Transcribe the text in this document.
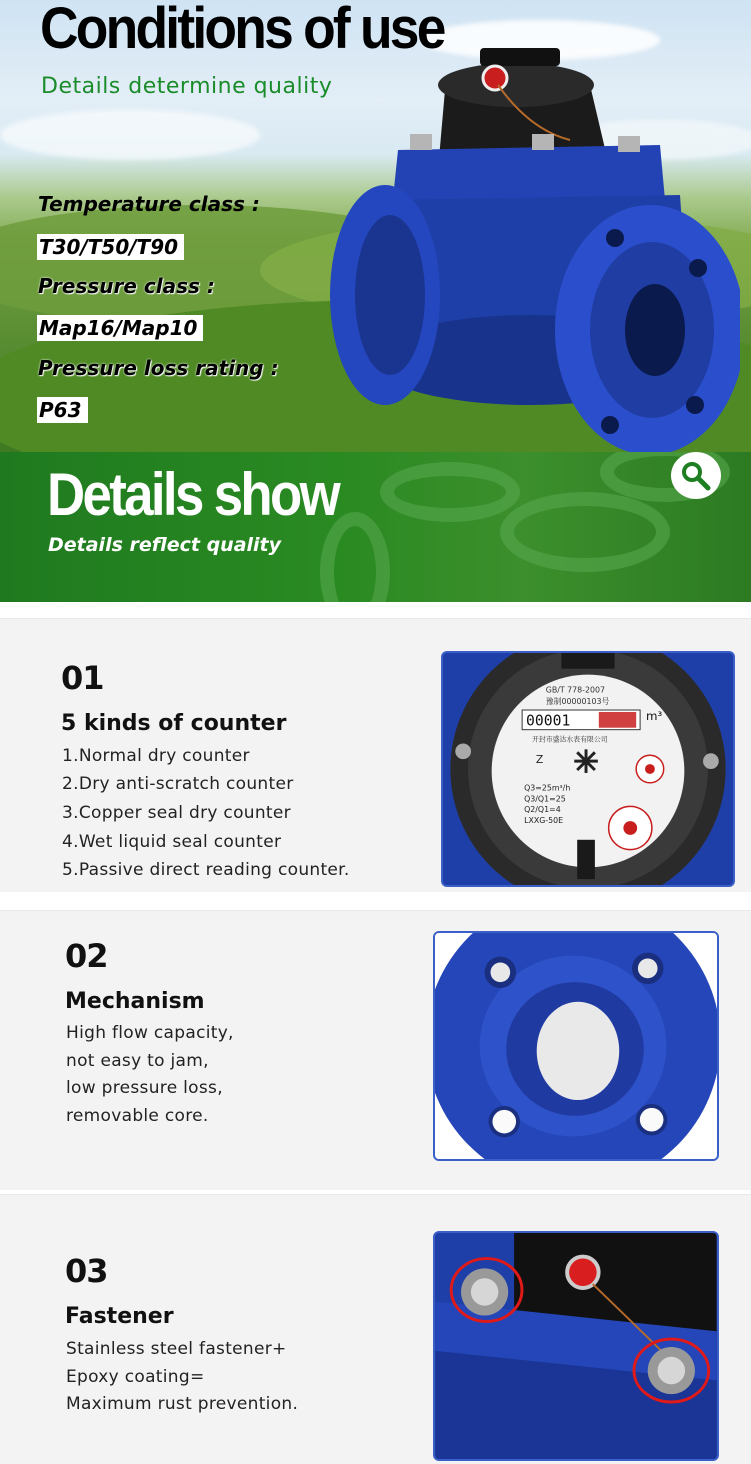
Conditions of use
Details determine quality
Temperature class :
T30/T50/T90
Pressure class :
Map16/Map10
Pressure loss rating :
P63
Details show
Details reflect quality
01
5 kinds of counter
1.Normal dry counter
2.Dry anti-scratch counter
3.Copper seal dry counter
4.Wet liquid seal counter
5.Passive direct reading counter.
00001
GB/T 778-2007
豫制00000103号
m³
开封市盛达水表有限公司
Z
Q3=25m³/h
Q3/Q1=25
Q2/Q1=4
LXXG-50E
02
Mechanism
High flow capacity,
not easy to jam,
low pressure loss,
removable core.
03
Fastener
Stainless steel fastener+
Epoxy coating=
Maximum rust prevention.
